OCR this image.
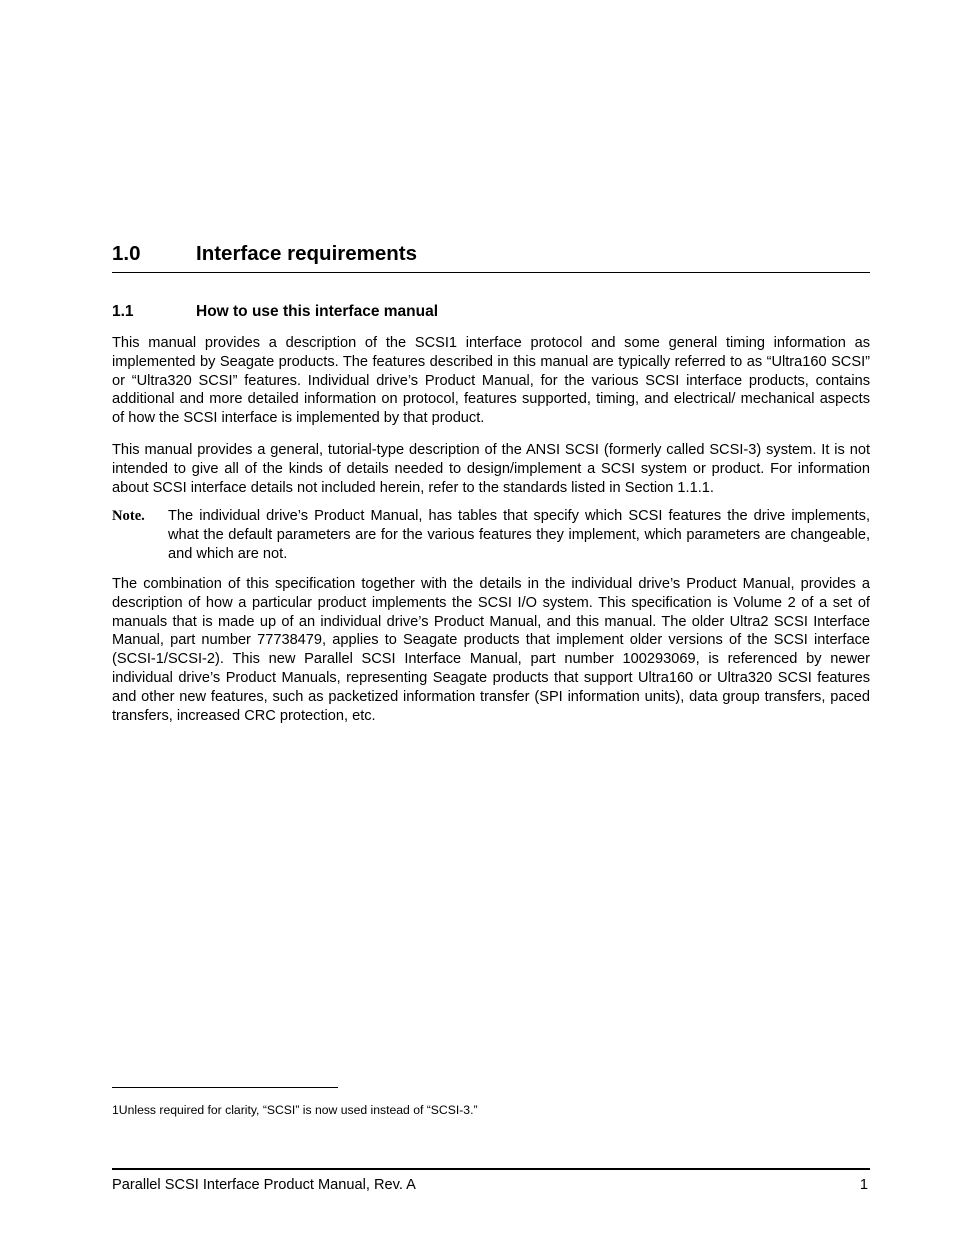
1.0	Interface requirements
1.1	How to use this interface manual

This manual provides a description of the SCSI1 interface protocol and some general timing information as implemented by Seagate products. The features described in this manual are typically referred to as “Ultra160 SCSI” or “Ultra320 SCSI” features. Individual drive’s Product Manual, for the various SCSI interface products, contains additional and more detailed information on protocol, features supported, timing, and electrical/ mechanical aspects of how the SCSI interface is implemented by that product.

This manual provides a general, tutorial-type description of the ANSI SCSI (formerly called SCSI-3) system. It is not intended to give all of the kinds of details needed to design/implement a SCSI system or product. For information about SCSI interface details not included herein, refer to the standards listed in Section 1.1.1.

Note. The individual drive’s Product Manual, has tables that specify which SCSI features the drive implements, what the default parameters are for the various features they implement, which parameters are changeable, and which are not.

The combination of this specification together with the details in the individual drive’s Product Manual, provides a description of how a particular product implements the SCSI I/O system. This specification is Volume 2 of a set of manuals that is made up of an individual drive’s Product Manual, and this manual. The older Ultra2 SCSI Interface Manual, part number 77738479, applies to Seagate products that implement older versions of the SCSI interface (SCSI-1/SCSI-2). This new Parallel SCSI Interface Manual, part number 100293069, is referenced by newer individual drive’s Product Manuals, representing Seagate products that support Ultra160 or Ultra320 SCSI features and other new features, such as packetized information transfer (SPI information units), data group transfers, paced transfers, increased CRC protection, etc.

1Unless required for clarity, “SCSI” is now used instead of “SCSI-3.”
Parallel SCSI Interface Product Manual, Rev. A	1
